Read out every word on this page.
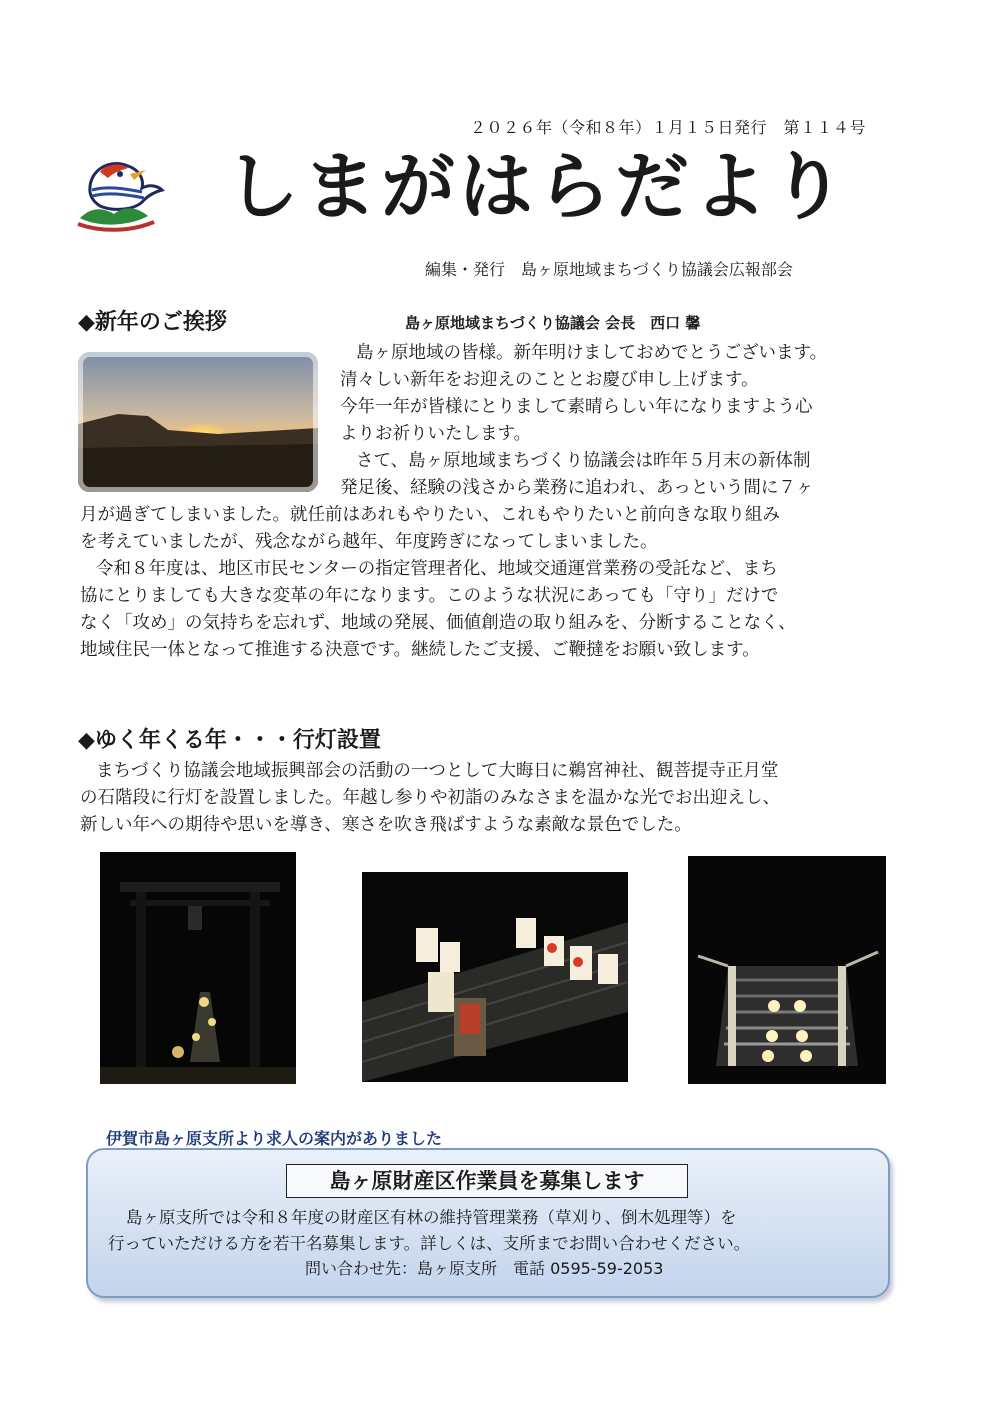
２０２６年（令和８年）１月１５日発行　第１１４号
しまがはらだより
編集・発行　島ヶ原地域まちづくり協議会広報部会
◆新年のご挨拶	島ヶ原地域まちづくり協議会 会長　西口 馨
島ヶ原地域の皆様。新年明けましておめでとうございます。
清々しい新年をお迎えのこととお慶び申し上げます。
今年一年が皆様にとりまして素晴らしい年になりますよう心
よりお祈りいたします。
さて、島ヶ原地域まちづくり協議会は昨年５月末の新体制
発足後、経験の浅さから業務に追われ、あっという間に７ヶ
月が過ぎてしまいました。就任前はあれもやりたい、これもやりたいと前向きな取り組み
を考えていましたが、残念ながら越年、年度跨ぎになってしまいました。
令和８年度は、地区市民センターの指定管理者化、地域交通運営業務の受託など、まち
協にとりましても大きな変革の年になります。このような状況にあっても「守り」だけで
なく「攻め」の気持ちを忘れず、地域の発展、価値創造の取り組みを、分断することなく、
地域住民一体となって推進する決意です。継続したご支援、ご鞭撻をお願い致します。
◆ゆく年くる年・・・行灯設置
まちづくり協議会地域振興部会の活動の一つとして大晦日に鵜宮神社、観菩提寺正月堂
の石階段に行灯を設置しました。年越し参りや初詣のみなさまを温かな光でお出迎えし、
新しい年への期待や思いを導き、寒さを吹き飛ばすような素敵な景色でした。
伊賀市島ヶ原支所より求人の案内がありました
島ヶ原財産区作業員を募集します
島ヶ原支所では令和８年度の財産区有林の維持管理業務（草刈り、倒木処理等）を
行っていただける方を若干名募集します。詳しくは、支所までお問い合わせください。
問い合わせ先：島ヶ原支所　電話 0595-59-2053
